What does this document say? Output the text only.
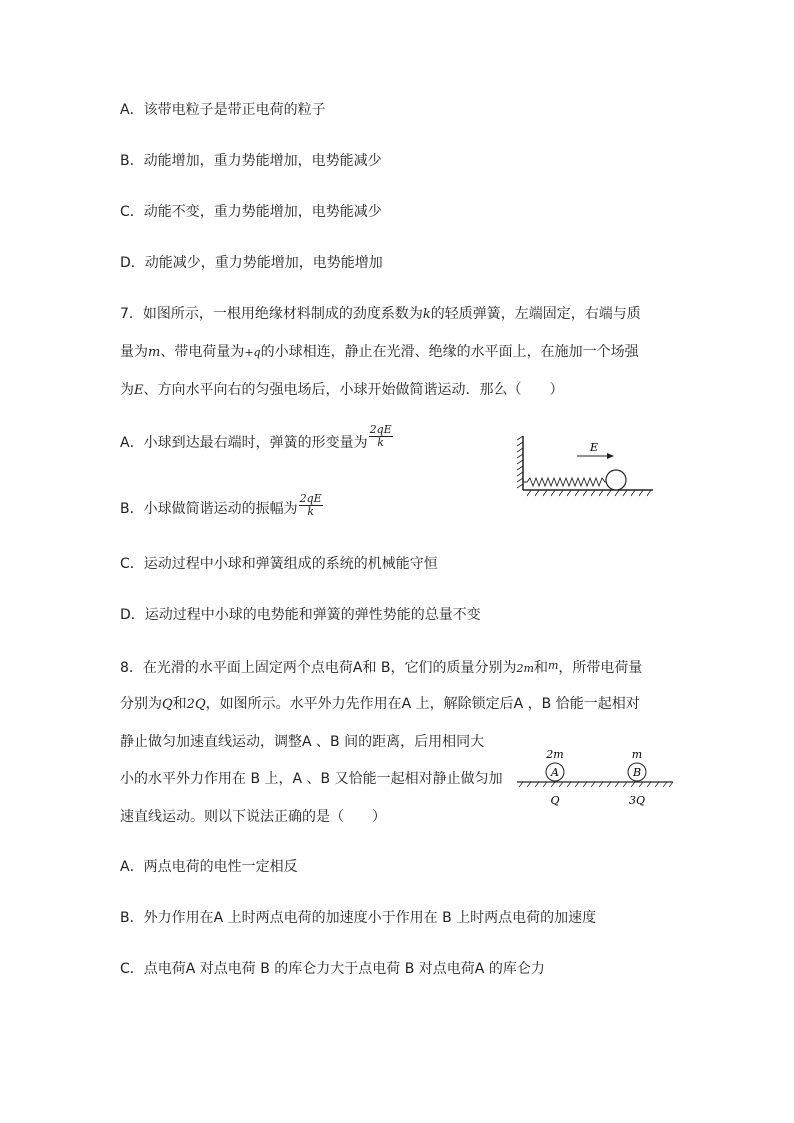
A．该带电粒子是带正电荷的粒子
B．动能增加，重力势能增加，电势能减少
C．动能不变，重力势能增加，电势能减少
D．动能减少，重力势能增加，电势能增加
7．如图所示，一根用绝缘材料制成的劲度系数为k的轻质弹簧，左端固定，右端与质
量为m、带电荷量为+q的小球相连，静止在光滑、绝缘的水平面上，在施加一个场强
为E、方向水平向右的匀强电场后，小球开始做简谐运动．那么（　　）
A．小球到达最右端时，弹簧的形变量为 $\frac{2qE}{k}$
B．小球做简谐运动的振幅为 $\frac{2qE}{k}$
C．运动过程中小球和弹簧组成的系统的机械能守恒
D．运动过程中小球的电势能和弹簧的弹性势能的总量不变
E
8．在光滑的水平面上固定两个点电荷A和 B，它们的质量分别为2m和$^m$，所带电荷量
分别为Q和2Q，如图所示。水平外力先作用在A 上，解除锁定后A ，B 恰能一起相对
静止做匀加速直线运动，调整A 、B 间的距离，后用相同大
小的水平外力作用在 B 上，A 、B 又恰能一起相对静止做匀加
速直线运动。则以下说法正确的是（　　）
2m	m
A	B
Q	3Q
A．两点电荷的电性一定相反
B．外力作用在A 上时两点电荷的加速度小于作用在 B 上时两点电荷的加速度
C．点电荷A 对点电荷 B 的库仑力大于点电荷 B 对点电荷A 的库仑力
